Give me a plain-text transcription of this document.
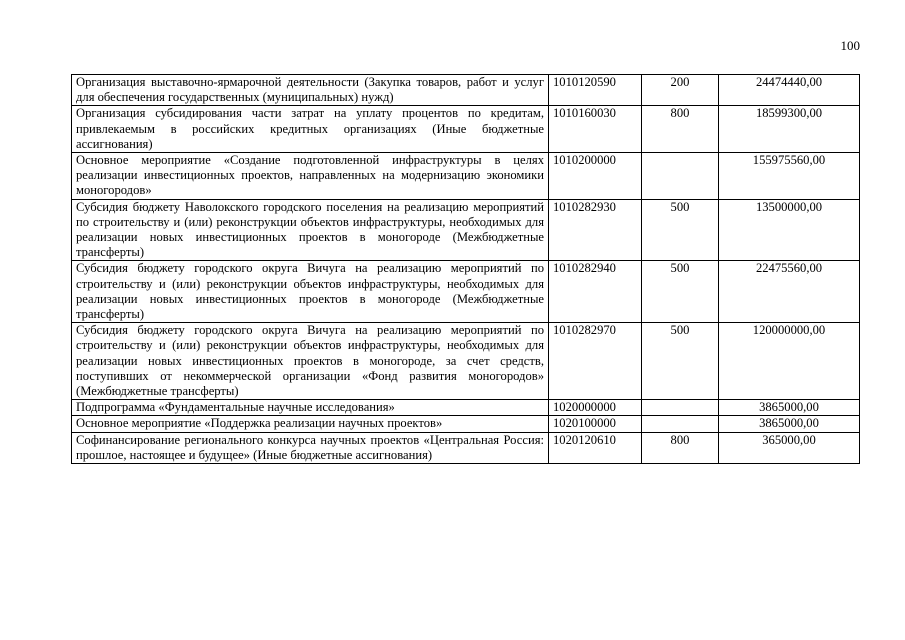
100
Организация выставочно-ярмарочной деятельности (Закупка товаров, работ и услуг для обеспечения государственных (муниципальных) нужд)	1010120590	200	24474440,00
Организация субсидирования части затрат на уплату процентов по кредитам, привлекаемым в российских кредитных организациях (Иные бюджетные ассигнования)	1010160030	800	18599300,00
Основное мероприятие «Создание подготовленной инфраструктуры в целях реализации инвестиционных проектов, направленных на модернизацию экономики моногородов»	1010200000		155975560,00
Субсидия бюджету Наволокского городского поселения на реализацию мероприятий по строительству и (или) реконструкции объектов инфраструктуры, необходимых для реализации новых инвестиционных проектов в моногороде (Межбюджетные трансферты)	1010282930	500	13500000,00
Субсидия бюджету городского округа Вичуга на реализацию мероприятий по строительству и (или) реконструкции объектов инфраструктуры, необходимых для реализации новых инвестиционных проектов в моногороде (Межбюджетные трансферты)	1010282940	500	22475560,00
Субсидия бюджету городского округа Вичуга на реализацию мероприятий по строительству и (или) реконструкции объектов инфраструктуры, необходимых для реализации новых инвестиционных проектов в моногороде, за счет средств, поступивших от некоммерческой организации «Фонд развития моногородов» (Межбюджетные трансферты)	1010282970	500	120000000,00
Подпрограмма «Фундаментальные научные исследования»	1020000000		3865000,00
Основное мероприятие «Поддержка реализации научных проектов»	1020100000		3865000,00
Софинансирование регионального конкурса научных проектов «Центральная Россия: прошлое, настоящее и будущее» (Иные бюджетные ассигнования)	1020120610	800	365000,00
